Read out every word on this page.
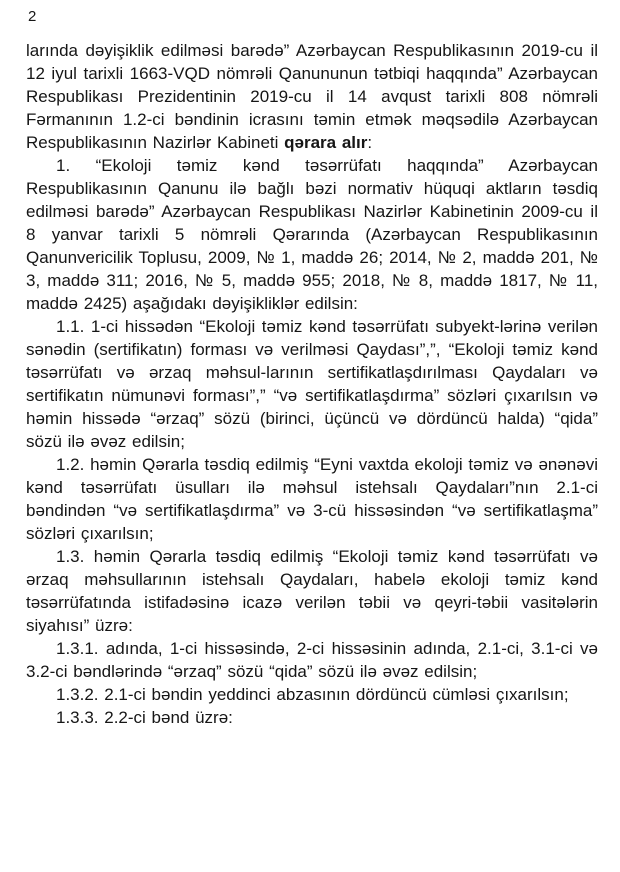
2

larında dəyişiklik edilməsi barədə” Azərbaycan Respublikasının 2019-cu il 12 iyul tarixli 1663-VQD nömrəli Qanununun tətbiqi haqqında” Azərbaycan Respublikası Prezidentinin 2019-cu il 14 avqust tarixli 808 nömrəli Fərmanının 1.2-ci bəndinin icrasını təmin etmək məqsədilə Azərbaycan Respublikasının Nazirlər Kabineti qərara alır:

1. “Ekoloji təmiz kənd təsərrüfatı haqqında” Azərbaycan Respublikasının Qanunu ilə bağlı bəzi normativ hüquqi aktların təsdiq edilməsi barədə” Azərbaycan Respublikası Nazirlər Kabinetinin 2009-cu il 8 yanvar tarixli 5 nömrəli Qərarında (Azərbaycan Respublikasının Qanunvericilik Toplusu, 2009, № 1, maddə 26; 2014, № 2, maddə 201, № 3, maddə 311; 2016, № 5, maddə 955; 2018, № 8, maddə 1817, № 11, maddə 2425) aşağıdakı dəyişikliklər edilsin:

1.1. 1-ci hissədən “Ekoloji təmiz kənd təsərrüfatı subyekt-lərinə verilən sənədin (sertifikatın) forması və verilməsi Qaydası”,”, “Ekoloji təmiz kənd təsərrüfatı və ərzaq məhsul-larının sertifikatlaşdırılması Qaydaları və sertifikatın nümunəvi forması”,” “və sertifikatlaşdırma” sözləri çıxarılsın və həmin hissədə “ərzaq” sözü (birinci, üçüncü və dördüncü halda) “qida” sözü ilə əvəz edilsin;

1.2. həmin Qərarla təsdiq edilmiş “Eyni vaxtda ekoloji təmiz və ənənəvi kənd təsərrüfatı üsulları ilə məhsul istehsalı Qaydaları”nın 2.1-ci bəndindən “və sertifikatlaşdırma” və 3-cü hissəsindən “və sertifikatlaşma” sözləri çıxarılsın;

1.3. həmin Qərarla təsdiq edilmiş “Ekoloji təmiz kənd təsərrüfatı və ərzaq məhsullarının istehsalı Qaydaları, habelə ekoloji təmiz kənd təsərrüfatında istifadəsinə icazə verilən təbii və qeyri-təbii vasitələrin siyahısı” üzrə:

1.3.1. adında, 1-ci hissəsində, 2-ci hissəsinin adında, 2.1-ci, 3.1-ci və 3.2-ci bəndlərində “ərzaq” sözü “qida” sözü ilə əvəz edilsin;

1.3.2. 2.1-ci bəndin yeddinci abzasının dördüncü cümləsi çıxarılsın;

1.3.3. 2.2-ci bənd üzrə:
